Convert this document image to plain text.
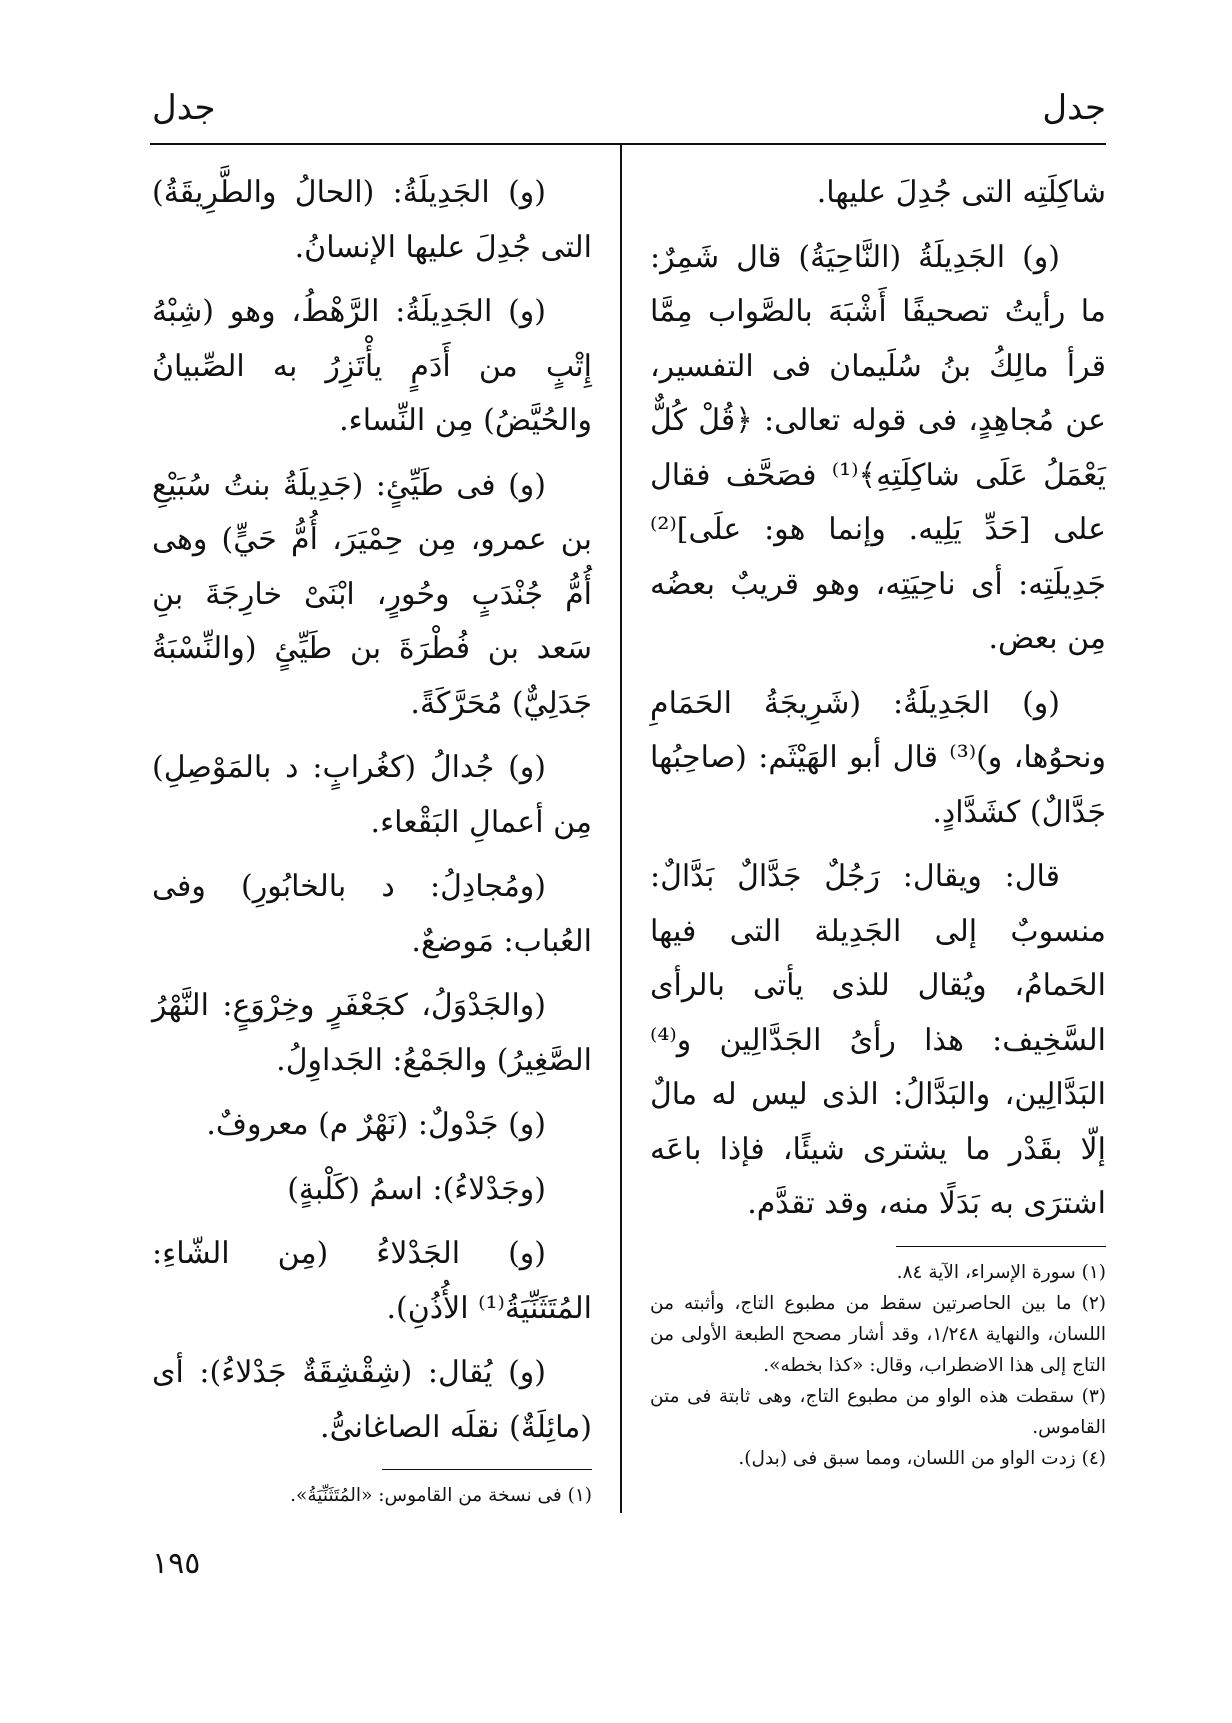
جدل
جدل

شاكِلَتِه التى جُدِلَ عليها.

(و) الجَدِيلَةُ (النَّاحِيَةُ) قال شَمِرٌ: ما رأيتُ تصحيفًا أَشْبَهَ بالصَّواب مِمَّا قرأ مالِكُ بنُ سُلَيمان فى التفسير، عن مُجاهِدٍ، فى قوله تعالى: ﴿قُلْ كُلٌّ يَعْمَلُ عَلَى شاكِلَتِهِ﴾⁽¹⁾ فصَحَّف فقال على [حَدِّ يَلِيه. وإنما هو: علَى]⁽²⁾ جَدِيلَتِه: أى ناحِيَتِه، وهو قريبٌ بعضُه مِن بعض.

(و) الجَدِيلَةُ: (شَرِيجَةُ الحَمَامِ ونحوُها، و)⁽³⁾ قال أبو الهَيْثَم: (صاحِبُها جَدَّالٌ) كشَدَّادٍ.

قال: ويقال: رَجُلٌ جَدَّالٌ بَدَّالٌ: منسوبٌ إلى الجَدِيلة التى فيها الحَمامُ، ويُقال للذى يأتى بالرأى السَّخِيف: هذا رأىُ الجَدَّالِين و⁽⁴⁾ البَدَّالِين، والبَدَّالُ: الذى ليس له مالٌ إلّا بقَدْر ما يشترى شيئًا، فإذا باعَه اشترَى به بَدَلًا منه، وقد تقدَّم.

(١) سورة الإسراء، الآية ٨٤.

(٢) ما بين الحاصرتين سقط من مطبوع التاج، وأثبته من اللسان، والنهاية ١/٢٤٨، وقد أشار مصحح الطبعة الأولى من التاج إلى هذا الاضطراب، وقال: «كذا بخطه».

(٣) سقطت هذه الواو من مطبوع التاج، وهى ثابتة فى متن القاموس.

(٤) زدت الواو من اللسان، ومما سبق فى (بدل).

(و) الجَدِيلَةُ: (الحالُ والطَّرِيقَةُ) التى جُدِلَ عليها الإنسانُ.

(و) الجَدِيلَةُ: الرَّهْطُ، وهو (شِبْهُ إِتْبٍ من أَدَمٍ يأْتَزِرُ به الصِّبيانُ والحُيَّضُ) مِن النِّساء.

(و) فى طَيِّئٍ: (جَدِيلَةُ بنتُ سُبَيْعِ بن عمرو، مِن حِمْيَرَ، أُمُّ حَيٍّ) وهى أُمُّ جُنْدَبٍ وحُورٍ، ابْنَىْ خارِجَةَ بنِ سَعد بن فُطْرَةَ بن طَيِّئٍ (والنِّسْبَةُ جَدَلِيٌّ) مُحَرَّكَةً.

(و) جُدالُ (كغُرابٍ: د بالمَوْصِلِ) مِن أعمالِ البَقْعاء.

(ومُجادِلُ: د بالخابُورِ) وفى العُباب: مَوضعٌ.

(والجَدْوَلُ، كجَعْفَرٍ وخِرْوَعٍ: النَّهْرُ الصَّغِيرُ) والجَمْعُ: الجَداوِلُ.

(و) جَدْولٌ: (نَهْرٌ م) معروفٌ.

(وجَدْلاءُ): اسمُ (كَلْبةٍ)

(و) الجَدْلاءُ (مِن الشّاءِ: المُتَثَنِّيَةُ⁽¹⁾ الأُذُنِ).

(و) يُقال: (شِقْشِقَةٌ جَدْلاءُ): أى (مائِلَةٌ) نقلَه الصاغانىُّ.

(١) فى نسخة من القاموس: «المُتَثَنِّيَةُ».

١٩٥
